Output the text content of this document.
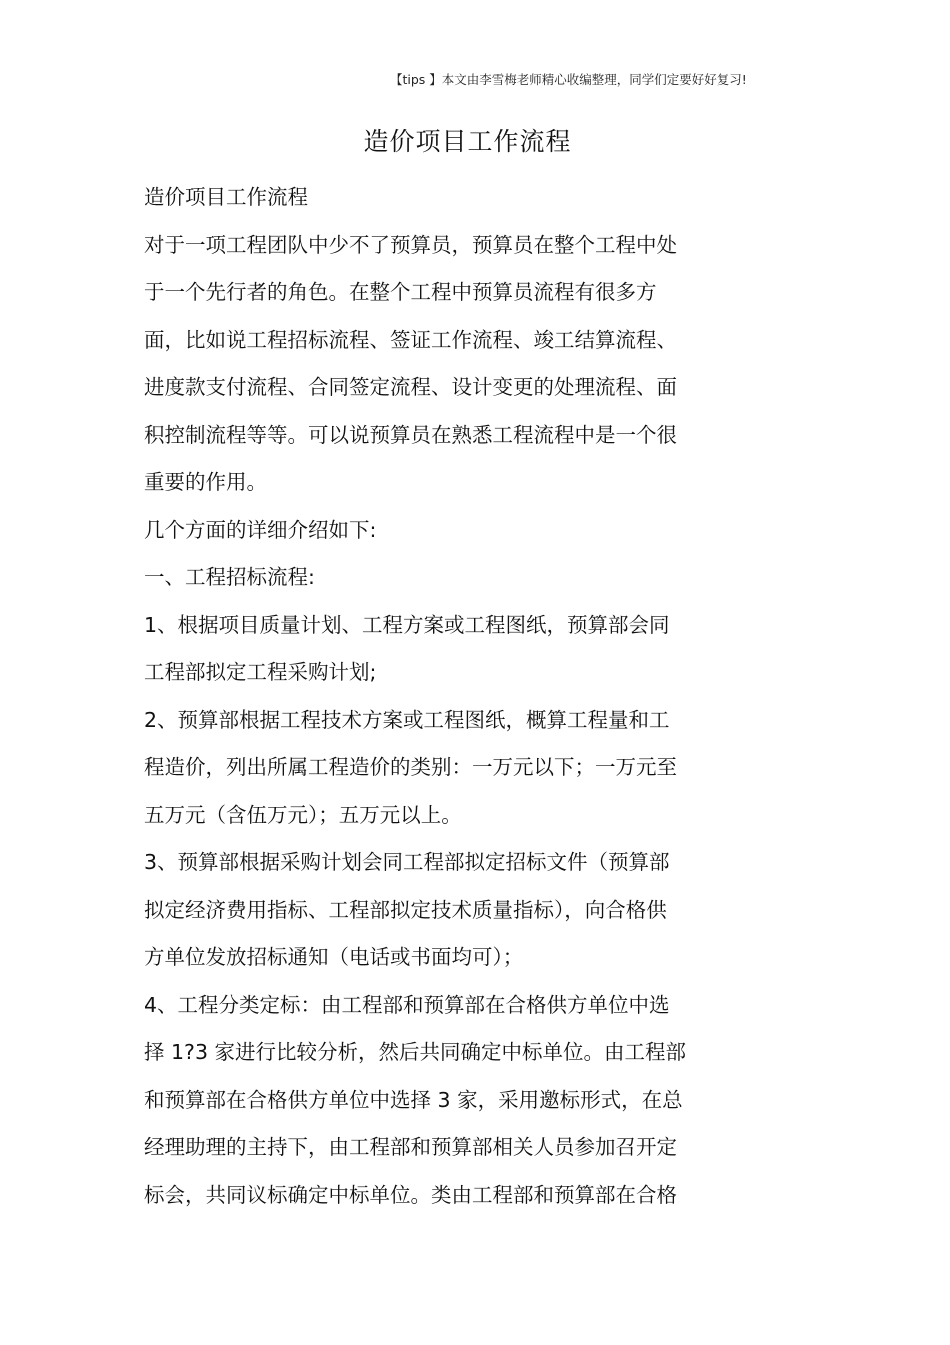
【tips 】本文由李雪梅老师精心收编整理，同学们定要好好复习!
造价项目工作流程
造价项目工作流程
对于一项工程团队中少不了预算员，预算员在整个工程中处
于一个先行者的角色。在整个工程中预算员流程有很多方
面，比如说工程招标流程、签证工作流程、竣工结算流程、
进度款支付流程、合同签定流程、设计变更的处理流程、面
积控制流程等等。可以说预算员在熟悉工程流程中是一个很
重要的作用。
几个方面的详细介绍如下:
一、工程招标流程:
1、根据项目质量计划、工程方案或工程图纸，预算部会同
工程部拟定工程采购计划;
2、预算部根据工程技术方案或工程图纸，概算工程量和工
程造价，列出所属工程造价的类别：一万元以下；一万元至
五万元（含伍万元）；五万元以上。
3、预算部根据采购计划会同工程部拟定招标文件（预算部
拟定经济费用指标、工程部拟定技术质量指标），向合格供
方单位发放招标通知（电话或书面均可）；
4、工程分类定标：由工程部和预算部在合格供方单位中选
择 1?3 家进行比较分析，然后共同确定中标单位。由工程部
和预算部在合格供方单位中选择 3 家，采用邀标形式，在总
经理助理的主持下，由工程部和预算部相关人员参加召开定
标会，共同议标确定中标单位。类由工程部和预算部在合格
